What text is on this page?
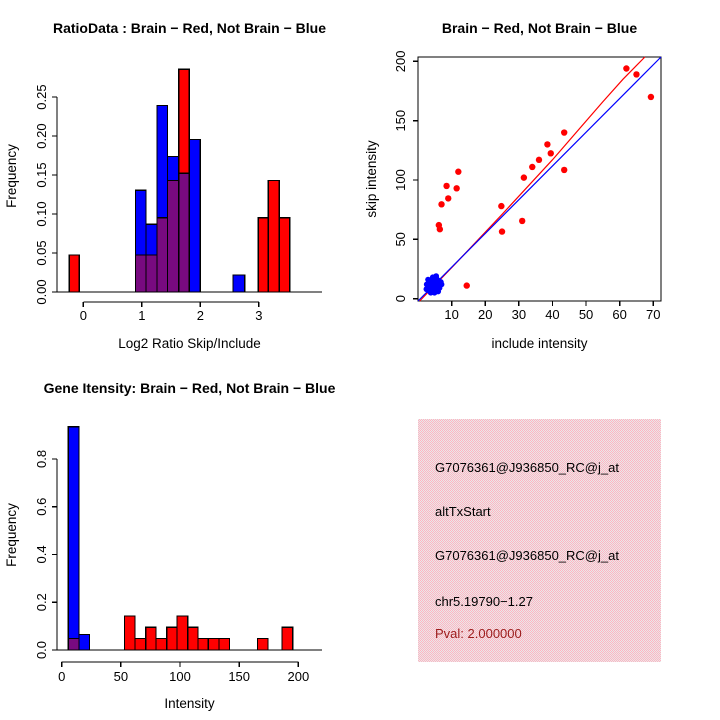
0	1	2	3
0.00
0.05
0.10
0.15
0.20
0.25
RatioData : Brain − Red, Not Brain − Blue
Log2 Ratio Skip/Include
Frequency
10 20 30 40 50 60 70
0
50
100
150
200
Brain − Red, Not Brain − Blue
include intensity
skip intensity
0	50	100	150	200
0.0
0.2
0.4
0.6
0.8
Gene Itensity: Brain − Red, Not Brain − Blue
Intensity
Frequency
G7076361@J936850_RC@j_at
altTxStart
G7076361@J936850_RC@j_at
chr5.19790−1.27
Pval: 2.000000
